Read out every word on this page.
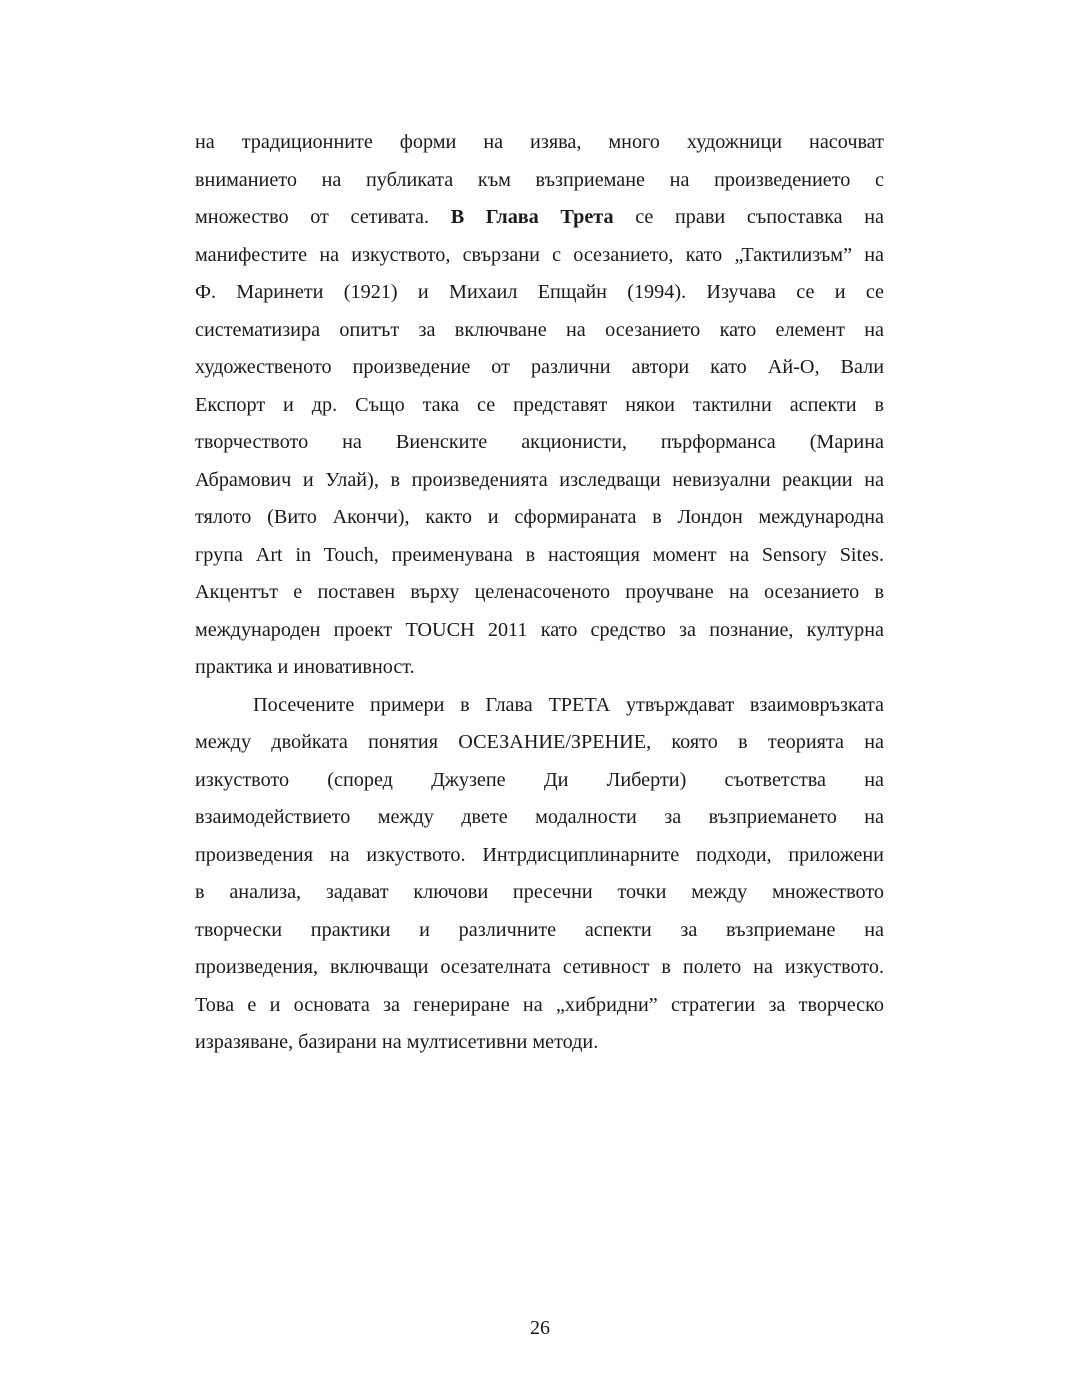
на традиционните форми на изява, много художници насочват
вниманието на публиката към възприемане на произведението с
множество от сетивата. В Глава Трета се прави съпоставка на
манифестите на изкуството, свързани с осезанието, като „Тактилизъм” на
Ф. Маринети (1921) и Михаил Епщайн (1994). Изучава се и се
систематизира опитът за включване на осезанието като елемент на
художественото произведение от различни автори като Ай-О, Вали
Експорт и др. Също така се представят някои тактилни аспекти в
творчеството на Виенските акционисти, пърформанса (Марина
Абрамович и Улай), в произведенията изследващи невизуални реакции на
тялото (Вито Акончи), както и сформираната в Лондон международна
група Art in Touch, преименувана в настоящия момент на Sensory Sites.
Акцентът е поставен върху целенасоченото проучване на осезанието в
международен проект TOUCH 2011 като средство за познание, културна
практика и иновативност.
Посечените примери в Глава ТРЕТА утвърждават взаимовръзката
между двойката понятия ОСЕЗАНИЕ/ЗРЕНИЕ, която в теорията на
изкуството (според Джузепе Ди Либерти) съответства на
взаимодействието между двете модалности за възприемането на
произведения на изкуството. Интрдисциплинарните подходи, приложени
в анализа, задават ключови пресечни точки между множеството
творчески практики и различните аспекти за възприемане на
произведения, включващи осезателната сетивност в полето на изкуството.
Това е и основата за генериране на „хибридни” стратегии за творческо
изразяване, базирани на мултисетивни методи.
26
